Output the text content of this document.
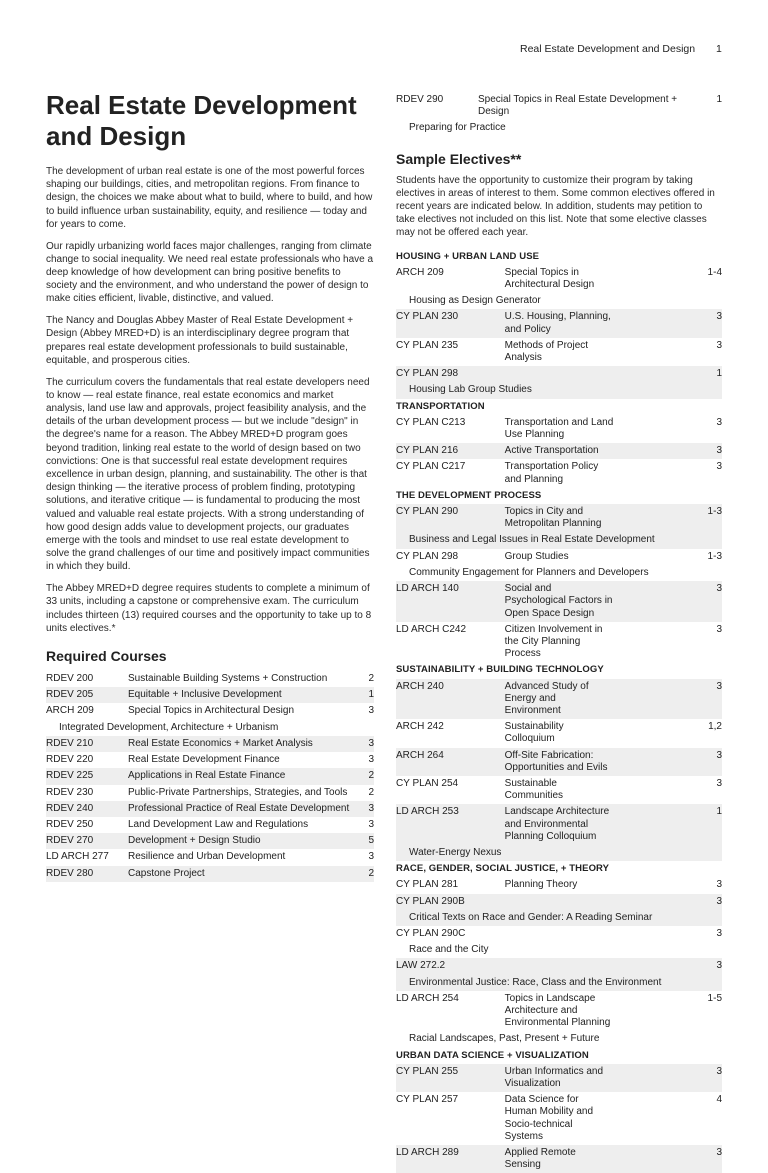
Real Estate Development and Design 1
Real Estate Development and Design

The development of urban real estate is one of the most powerful forces shaping our buildings, cities, and metropolitan regions. From finance to design, the choices we make about what to build, where to build, and how to build influence urban sustainability, equity, and resilience — today and for years to come.

Our rapidly urbanizing world faces major challenges, ranging from climate change to social inequality. We need real estate professionals who have a deep knowledge of how development can bring positive benefits to society and the environment, and who understand the power of design to make cities efficient, livable, distinctive, and valued.

The Nancy and Douglas Abbey Master of Real Estate Development + Design (Abbey MRED+D) is an interdisciplinary degree program that prepares real estate development professionals to build sustainable, equitable, and prosperous cities.

The curriculum covers the fundamentals that real estate developers need to know — real estate finance, real estate economics and market analysis, land use law and approvals, project feasibility analysis, and the details of the urban development process — but we include "design" in the degree's name for a reason. The Abbey MRED+D program goes beyond tradition, linking real estate to the world of design based on two convictions: One is that successful real estate development requires excellence in urban design, planning, and sustainability. The other is that design thinking — the iterative process of problem finding, prototyping solutions, and iterative critique — is fundamental to producing the most valued and valuable real estate projects. With a strong understanding of how good design adds value to development projects, our graduates emerge with the tools and mindset to use real estate development to solve the grand challenges of our time and positively impact communities in which they build.

The Abbey MRED+D degree requires students to complete a minimum of 33 units, including a capstone or comprehensive exam. The curriculum includes thirteen (13) required courses and the opportunity to take up to 8 units electives.*

Required Courses
RDEV 200	Sustainable Building Systems + Construction	2
RDEV 205	Equitable + Inclusive Development	1
ARCH 209	Special Topics in Architectural Design	3
Integrated Development, Architecture + Urbanism		
RDEV 210	Real Estate Economics + Market Analysis	3
RDEV 220	Real Estate Development Finance	3
RDEV 225	Applications in Real Estate Finance	2
RDEV 230	Public-Private Partnerships, Strategies, and Tools	2
RDEV 240	Professional Practice of Real Estate Development	3
RDEV 250	Land Development Law and Regulations	3
RDEV 270	Development + Design Studio	5
LD ARCH 277	Resilience and Urban Development	3
RDEV 280	Capstone Project	2
RDEV 290	Special Topics in Real Estate Development + Design	1
Preparing for Practice
Sample Electives**

Students have the opportunity to customize their program by taking electives in areas of interest to them. Some common electives offered in recent years are indicated below. In addition, students may petition to take electives not included on this list. Note that some elective classes may not be offered each year.

HOUSING + URBAN LAND USE		
ARCH 209	Special Topics in Architectural Design	1-4
Housing as Design Generator		
CY PLAN 230	U.S. Housing, Planning, and Policy	3
CY PLAN 235	Methods of Project Analysis	3
CY PLAN 298		1
Housing Lab Group Studies		
TRANSPORTATION		
CY PLAN C213	Transportation and Land Use Planning	3
CY PLAN 216	Active Transportation	3
CY PLAN C217	Transportation Policy and Planning	3
THE DEVELOPMENT PROCESS		
CY PLAN 290	Topics in City and Metropolitan Planning	1-3
Business and Legal Issues in Real Estate Development		
CY PLAN 298	Group Studies	1-3
Community Engagement for Planners and Developers		
LD ARCH 140	Social and Psychological Factors in Open Space Design	3
LD ARCH C242	Citizen Involvement in the City Planning Process	3
SUSTAINABILITY + BUILDING TECHNOLOGY		
ARCH 240	Advanced Study of Energy and Environment	3
ARCH 242	Sustainability Colloquium	1,2
ARCH 264	Off-Site Fabrication: Opportunities and Evils	3
CY PLAN 254	Sustainable Communities	3
LD ARCH 253	Landscape Architecture and Environmental Planning Colloquium	1
Water-Energy Nexus		
RACE, GENDER, SOCIAL JUSTICE, + THEORY		
CY PLAN 281	Planning Theory	3
CY PLAN 290B		3
Critical Texts on Race and Gender: A Reading Seminar		
CY PLAN 290C		3
Race and the City		
LAW 272.2		3
Environmental Justice: Race, Class and the Environment		
LD ARCH 254	Topics in Landscape Architecture and Environmental Planning	1-5
Racial Landscapes, Past, Present + Future		
URBAN DATA SCIENCE + VISUALIZATION		
CY PLAN 255	Urban Informatics and Visualization	3
CY PLAN 257	Data Science for Human Mobility and Socio-technical Systems	4
LD ARCH 289	Applied Remote Sensing	3
